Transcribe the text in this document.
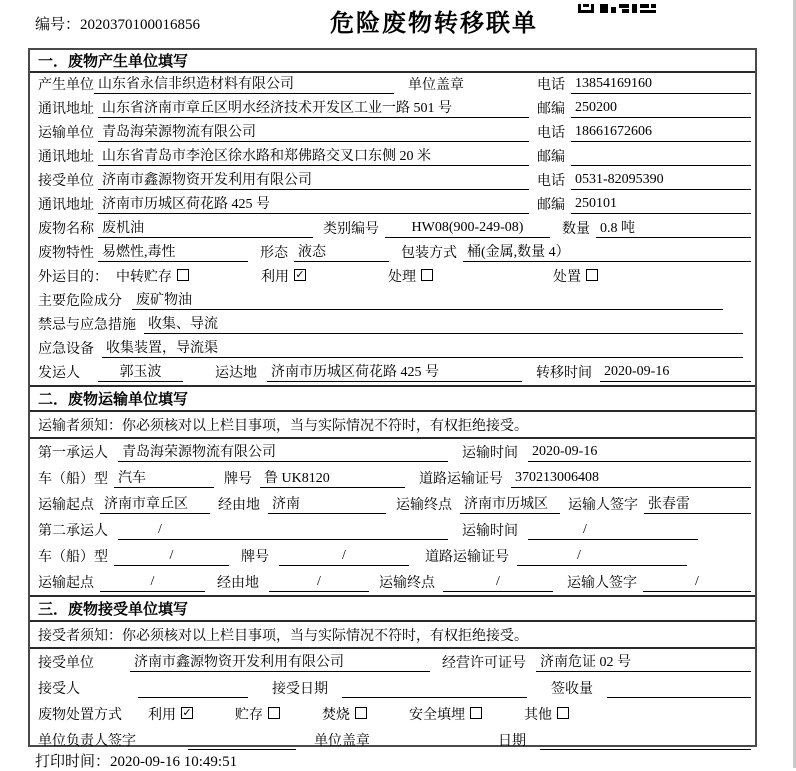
编号：2020370100016856	危险废物转移联单
一．废物产生单位填写
产生单位 山东省永信非织造材料有限公司	单位盖章	电话 13854169160
通讯地址 山东省济南市章丘区明水经济技术开发区工业一路 501 号	邮编 250200
运输单位 青岛海荣源物流有限公司	电话 18661672606
通讯地址 山东省青岛市李沧区徐水路和郑佛路交叉口东侧 20 米	邮编
接受单位 济南市鑫源物资开发利用有限公司	电话 0531-82095390
通讯地址 济南市历城区荷花路 425 号	邮编 250101
废物名称 废机油	类别编号	HW08(900-249-08)	数量 0.8 吨
废物特性 易燃性,毒性	形态 液态	包装方式 桶(金属,数量 4）
外运目的： 中转贮存	利用 ✓	处理	处置
主要危险成分 废矿物油
禁忌与应急措施 收集、导流
应急设备 收集装置，导流渠
发运人	郭玉波	运达地 济南市历城区荷花路 425 号	转移时间 2020-09-16
二．废物运输单位填写
运输者须知：你必须核对以上栏目事项，当与实际情况不符时，有权拒绝接受。
第一承运人 青岛海荣源物流有限公司	运输时间 2020-09-16
车（船）型 汽车	牌号 鲁 UK8120	道路运输证号 370213006408
运输起点 济南市章丘区	经由地 济南	运输终点 济南市历城区	运输人签字 张春雷
第二承运人	/	运输时间	/
车（船）型	/	牌号	/	道路运输证号	/
运输起点	/	经由地	/	运输终点	/	运输人签字	/
三．废物接受单位填写
接受者须知：你必须核对以上栏目事项，当与实际情况不符时，有权拒绝接受。
接受单位	济南市鑫源物资开发利用有限公司	经营许可证号 济南危证 02 号
接受人	接受日期	签收量
废物处置方式 利用 ✓	贮存	焚烧	安全填埋	其他
单位负责人签字	单位盖章	日期
打印时间：2020-09-16 10:49:51
